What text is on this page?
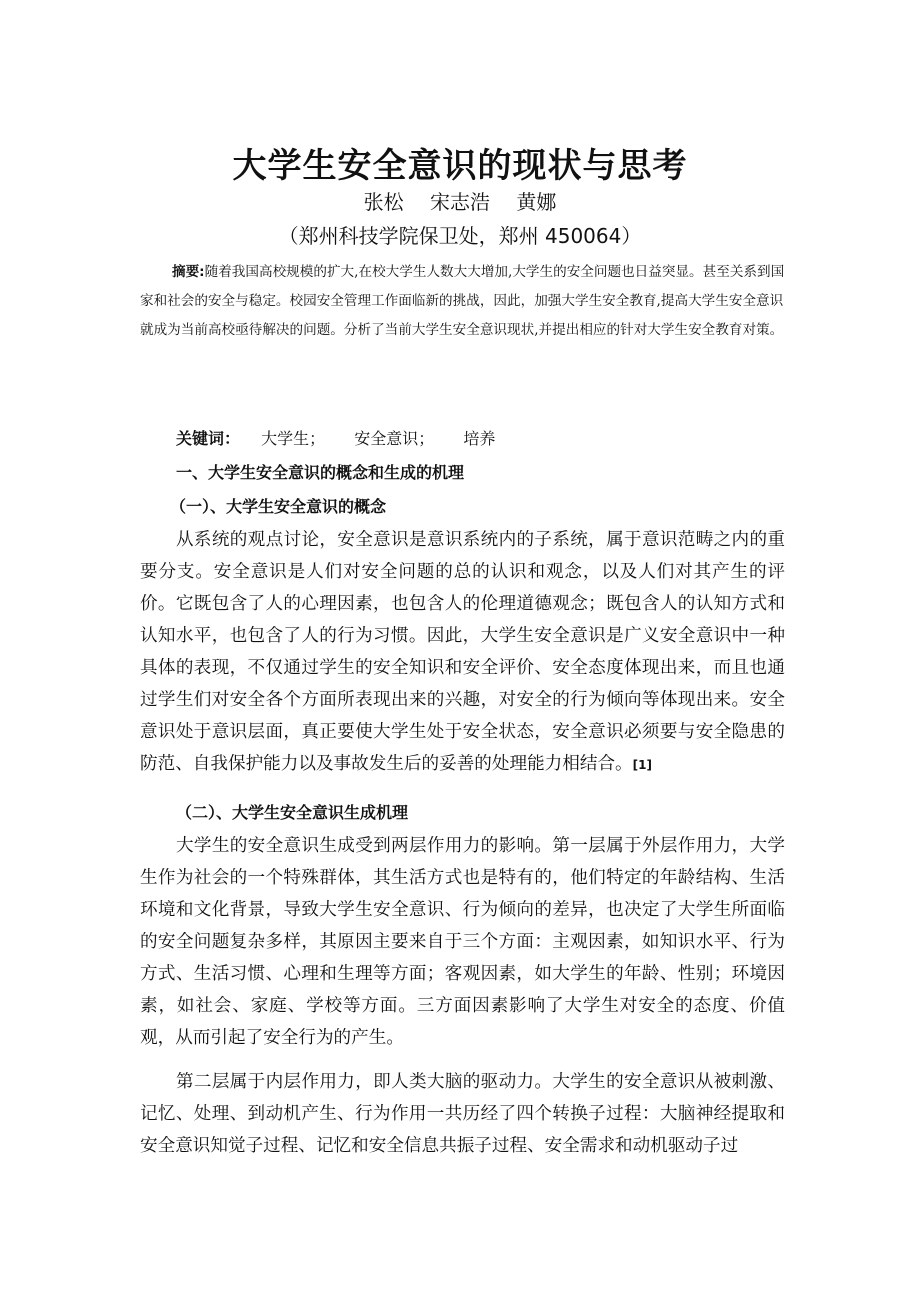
大学生安全意识的现状与思考
张松 宋志浩 黄娜
（郑州科技学院保卫处，郑州 450064）

摘要:随着我国高校规模的扩大,在校大学生人数大大增加,大学生的安全问题也日益突显。甚至关系到国家和社会的安全与稳定。校园安全管理工作面临新的挑战，因此，加强大学生安全教育,提高大学生安全意识就成为当前高校亟待解决的问题。分析了当前大学生安全意识现状,并提出相应的针对大学生安全教育对策。

关键词： 大学生； 安全意识； 培养
一、大学生安全意识的概念和生成的机理
（一）、大学生安全意识的概念

从系统的观点讨论，安全意识是意识系统内的子系统，属于意识范畴之内的重要分支。安全意识是人们对安全问题的总的认识和观念，以及人们对其产生的评价。它既包含了人的心理因素，也包含人的伦理道德观念；既包含人的认知方式和认知水平，也包含了人的行为习惯。因此，大学生安全意识是广义安全意识中一种具体的表现，不仅通过学生的安全知识和安全评价、安全态度体现出来，而且也通过学生们对安全各个方面所表现出来的兴趣，对安全的行为倾向等体现出来。安全意识处于意识层面，真正要使大学生处于安全状态，安全意识必须要与安全隐患的防范、自我保护能力以及事故发生后的妥善的处理能力相结合。[1]

（二）、大学生安全意识生成机理

大学生的安全意识生成受到两层作用力的影响。第一层属于外层作用力，大学生作为社会的一个特殊群体，其生活方式也是特有的，他们特定的年龄结构、生活环境和文化背景，导致大学生安全意识、行为倾向的差异，也决定了大学生所面临的安全问题复杂多样，其原因主要来自于三个方面：主观因素，如知识水平、行为方式、生活习惯、心理和生理等方面；客观因素，如大学生的年龄、性别；环境因素，如社会、家庭、学校等方面。三方面因素影响了大学生对安全的态度、价值观，从而引起了安全行为的产生。

第二层属于内层作用力，即人类大脑的驱动力。大学生的安全意识从被刺激、记忆、处理、到动机产生、行为作用一共历经了四个转换子过程：大脑神经提取和安全意识知觉子过程、记忆和安全信息共振子过程、安全需求和动机驱动子过
